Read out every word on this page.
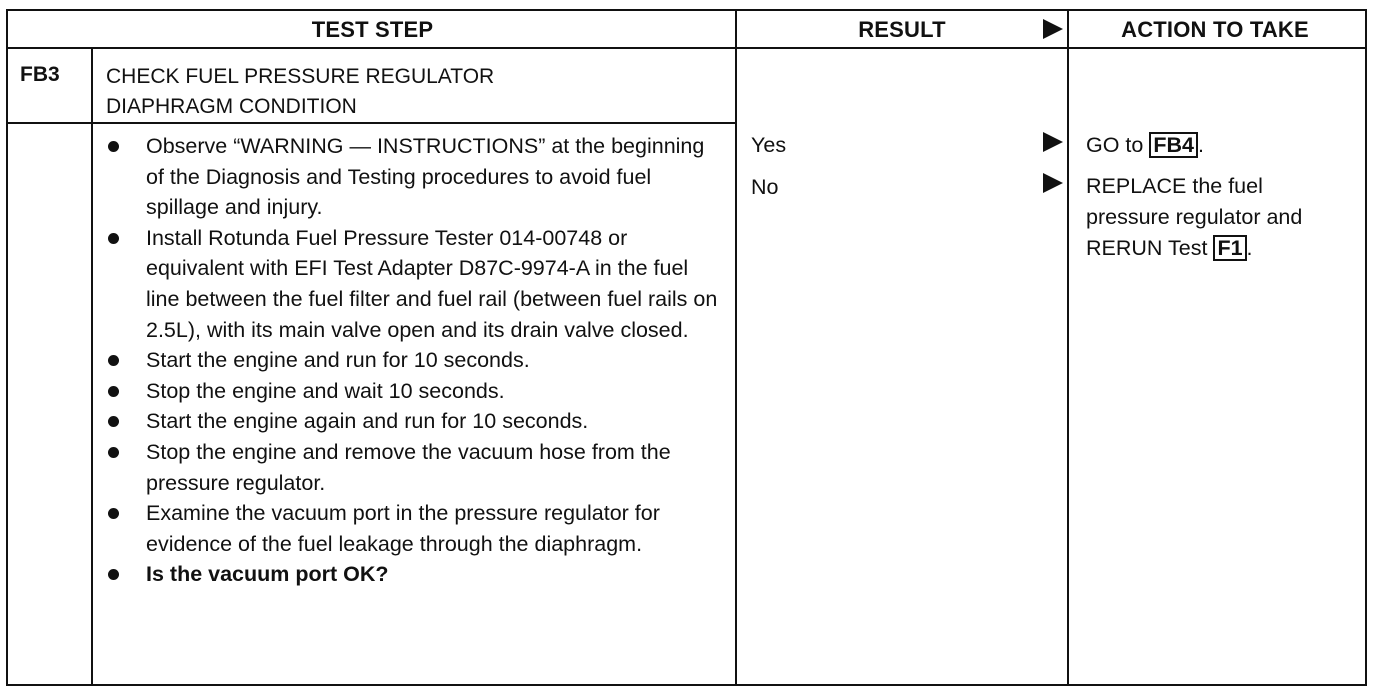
TEST STEP	RESULT	ACTION TO TAKE
FB3 CHECK FUEL PRESSURE REGULATOR
DIAPHRAGM CONDITION
Observe “WARNING — INSTRUCTIONS” at the beginning of the Diagnosis and Testing procedures to avoid fuel spillage and injury.
Install Rotunda Fuel Pressure Tester 014-00748 or equivalent with EFI Test Adapter D87C-9974-A in the fuel line between the fuel filter and fuel rail (between fuel rails on 2.5L), with its main valve open and its drain valve closed.
Start the engine and run for 10 seconds.
Stop the engine and wait 10 seconds.
Start the engine again and run for 10 seconds.
Stop the engine and remove the vacuum hose from the pressure regulator.
Examine the vacuum port in the pressure regulator for evidence of the fuel leakage through the diaphragm.
Is the vacuum port OK?
Yes
No
GO to FB4 .
REPLACE the fuel
pressure regulator and
RERUN Test F1 .
